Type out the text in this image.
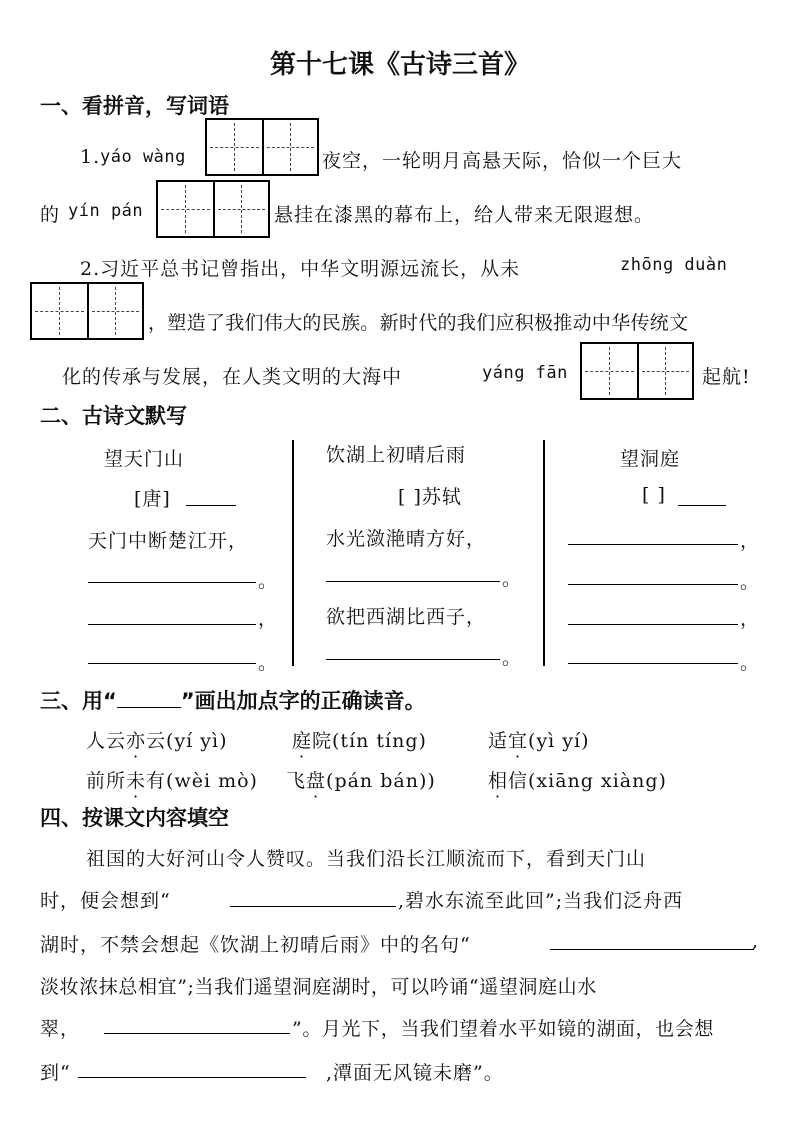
第十七课《古诗三首》
一、看拼音，写词语
1. yáo wàng	夜空，一轮明月高悬天际，恰似一个巨大
的 yín pán	悬挂在漆黑的幕布上，给人带来无限遐想。
2.习近平总书记曾指出，中华文明源远流长，从未	zhōng duàn
，塑造了我们伟大的民族。新时代的我们应积极推动中华传统文
化的传承与发展，在人类文明的大海中	yáng fān	起航!
二、古诗文默写
望天门山
[唐]
天门中断楚江开，
。
，
。
饮湖上初晴后雨
[ ]苏轼
水光潋滟晴方好，
。
欲把西湖比西子，
。
望洞庭
[ ]
，
。
，
。
三、用“	”画出加点字的正确读音。
人云亦云(yí yì)	庭院(tín tíng)	适宜(yì yí)
前所未有(wèi mò) 飞盘(pán bán))	相信(xiāng xiàng)
四、按课文内容填空
祖国的大好河山令人赞叹。当我们沿长江顺流而下，看到天门山
时，便会想到“	,碧水东流至此回”;当我们泛舟西
湖时，不禁会想起《饮湖上初晴后雨》中的名句“	,
淡妆浓抹总相宜”;当我们遥望洞庭湖时，可以吟诵“遥望洞庭山水
翠，	”。月光下，当我们望着水平如镜的湖面，也会想
到“	,潭面无风镜未磨”。
